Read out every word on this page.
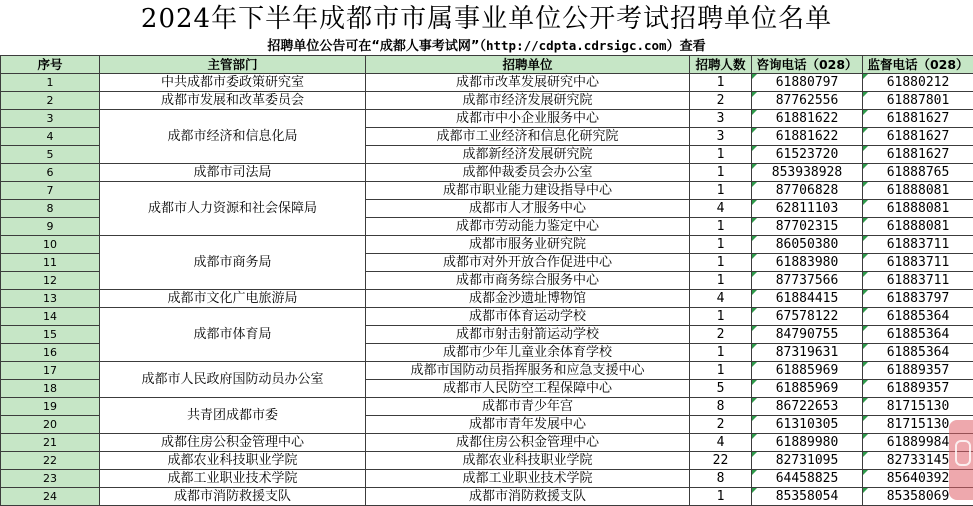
2024年下半年成都市市属事业单位公开考试招聘单位名单
招聘单位公告可在“成都人事考试网”（http://cdpta.cdrsigc.com）查看
序号	主管部门	招聘单位	招聘人数	咨询电话（028）	监督电话（028）
1	中共成都市委政策研究室	成都市改革发展研究中心	1	61880797	61880212
2	成都市发展和改革委员会	成都市经济发展研究院	2	87762556	61887801
3	成都市经济和信息化局	成都市中小企业服务中心	3	61881622	61881627
4		成都市工业经济和信息化研究院	3	61881622	61881627
5		成都新经济发展研究院	1	61523720	61881627
6	成都市司法局	成都仲裁委员会办公室	1	853938928	61888765
7	成都市人力资源和社会保障局	成都市职业能力建设指导中心	1	87706828	61888081
8		成都市人才服务中心	4	62811103	61888081
9		成都市劳动能力鉴定中心	1	87702315	61888081
10	成都市商务局	成都市服务业研究院	1	86050380	61883711
11		成都市对外开放合作促进中心	1	61883980	61883711
12		成都市商务综合服务中心	1	87737566	61883711
13	成都市文化广电旅游局	成都金沙遗址博物馆	4	61884415	61883797
14	成都市体育局	成都市体育运动学校	1	67578122	61885364
15		成都市射击射箭运动学校	2	84790755	61885364
16		成都市少年儿童业余体育学校	1	87319631	61885364
17	成都市人民政府国防动员办公室	成都市国防动员指挥服务和应急支援中心	1	61885969	61889357
18		成都市人民防空工程保障中心	5	61885969	61889357
19	共青团成都市委	成都市青少年宫	8	86722653	81715130
20		成都市青年发展中心	2	61310305	81715130
21	成都住房公积金管理中心	成都住房公积金管理中心	4	61889980	61889984
22	成都农业科技职业学院	成都农业科技职业学院	22	82731095	82733145
23	成都工业职业技术学院	成都工业职业技术学院	8	64458825	85640392
24	成都市消防救援支队	成都市消防救援支队	1	85358054	85358069
